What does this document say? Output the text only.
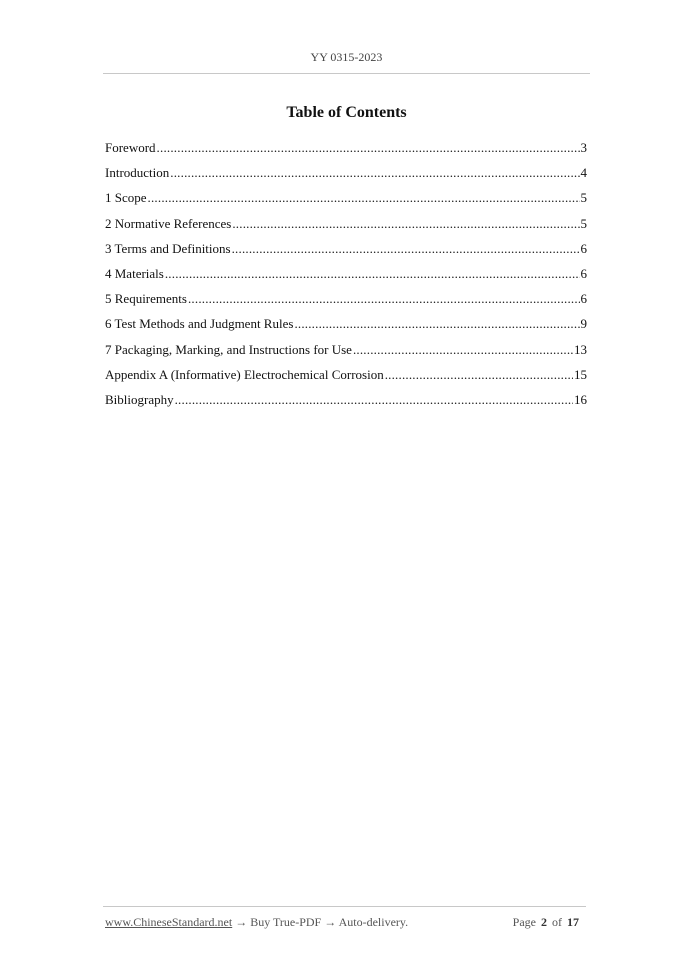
YY 0315-2023
Table of Contents
Foreword .....	3
Introduction .....	4
1 Scope .....	5
2 Normative References .....	5
3 Terms and Definitions .....	6
4 Materials .....	6
5 Requirements .....	6
6 Test Methods and Judgment Rules .....	9
7 Packaging, Marking, and Instructions for Use .....	13
Appendix A (Informative) Electrochemical Corrosion .....	15
Bibliography .....	16
www.ChineseStandard.net → Buy True-PDF → Auto-delivery.	Page 2 of 17
